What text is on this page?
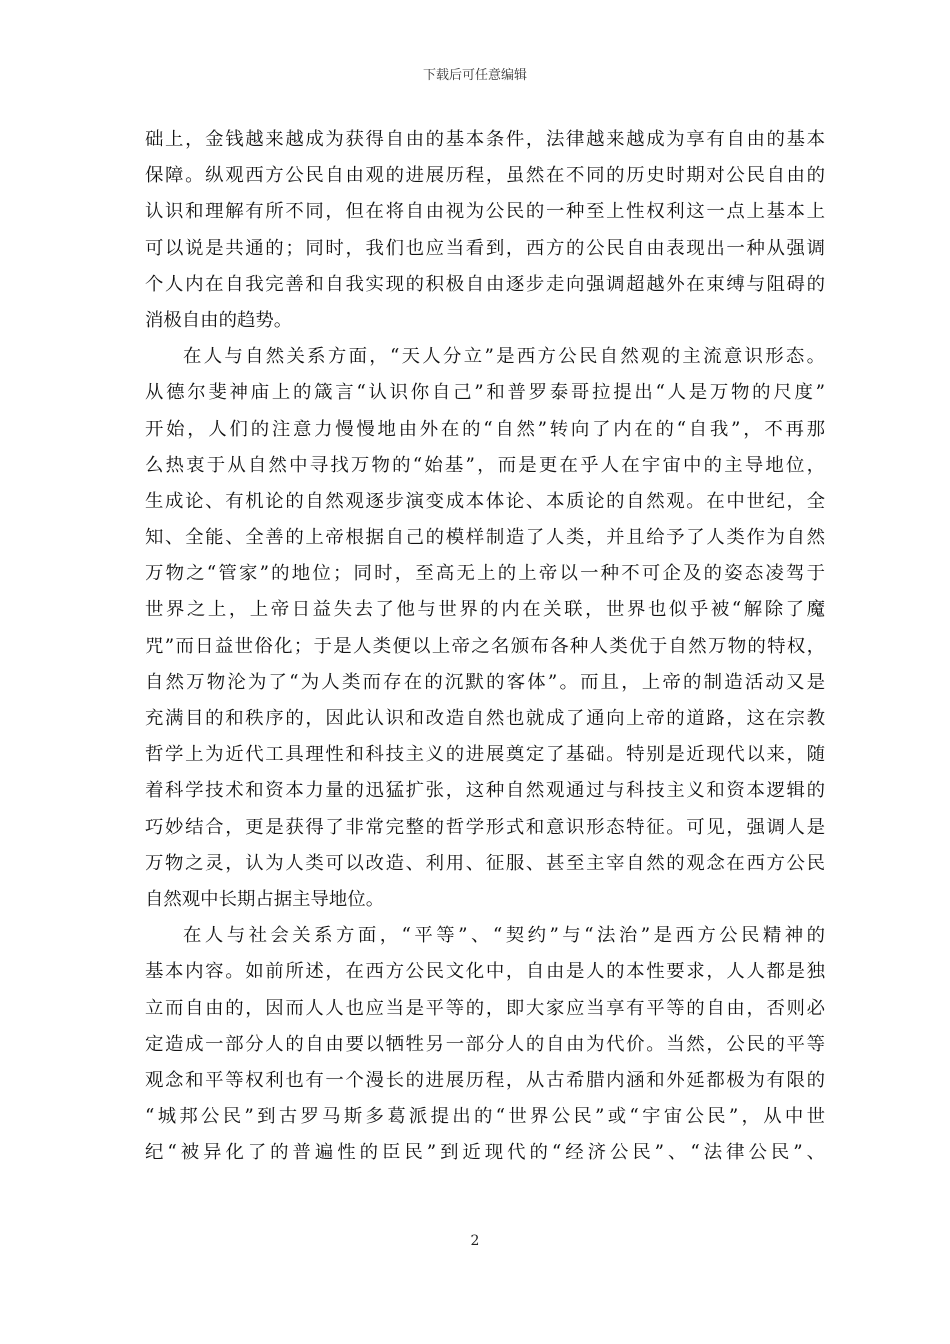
下载后可任意编辑
础上，金钱越来越成为获得自由的基本条件，法律越来越成为享有自由的基本
保障。纵观西方公民自由观的进展历程，虽然在不同的历史时期对公民自由的
认识和理解有所不同，但在将自由视为公民的一种至上性权利这一点上基本上
可以说是共通的；同时，我们也应当看到，西方的公民自由表现出一种从强调
个人内在自我完善和自我实现的积极自由逐步走向强调超越外在束缚与阻碍的
消极自由的趋势。
在人与自然关系方面，“天人分立”是西方公民自然观的主流意识形态。
从德尔斐神庙上的箴言“认识你自己”和普罗泰哥拉提出“人是万物的尺度”
开始，人们的注意力慢慢地由外在的“自然”转向了内在的“自我”，不再那
么热衷于从自然中寻找万物的“始基”，而是更在乎人在宇宙中的主导地位，
生成论、有机论的自然观逐步演变成本体论、本质论的自然观。在中世纪，全
知、全能、全善的上帝根据自己的模样制造了人类，并且给予了人类作为自然
万物之“管家”的地位；同时，至高无上的上帝以一种不可企及的姿态凌驾于
世界之上，上帝日益失去了他与世界的内在关联，世界也似乎被“解除了魔
咒”而日益世俗化；于是人类便以上帝之名颁布各种人类优于自然万物的特权，
自然万物沦为了“为人类而存在的沉默的客体”。而且，上帝的制造活动又是
充满目的和秩序的，因此认识和改造自然也就成了通向上帝的道路，这在宗教
哲学上为近代工具理性和科技主义的进展奠定了基础。特别是近现代以来，随
着科学技术和资本力量的迅猛扩张，这种自然观通过与科技主义和资本逻辑的
巧妙结合，更是获得了非常完整的哲学形式和意识形态特征。可见，强调人是
万物之灵，认为人类可以改造、利用、征服、甚至主宰自然的观念在西方公民
自然观中长期占据主导地位。
在人与社会关系方面，“平等”、“契约”与“法治”是西方公民精神的
基本内容。如前所述，在西方公民文化中，自由是人的本性要求，人人都是独
立而自由的，因而人人也应当是平等的，即大家应当享有平等的自由，否则必
定造成一部分人的自由要以牺牲另一部分人的自由为代价。当然，公民的平等
观念和平等权利也有一个漫长的进展历程，从古希腊内涵和外延都极为有限的
“城邦公民”到古罗马斯多葛派提出的“世界公民”或“宇宙公民”，从中世
纪“被异化了的普遍性的臣民”到近现代的“经济公民”、“法律公民”、
2
